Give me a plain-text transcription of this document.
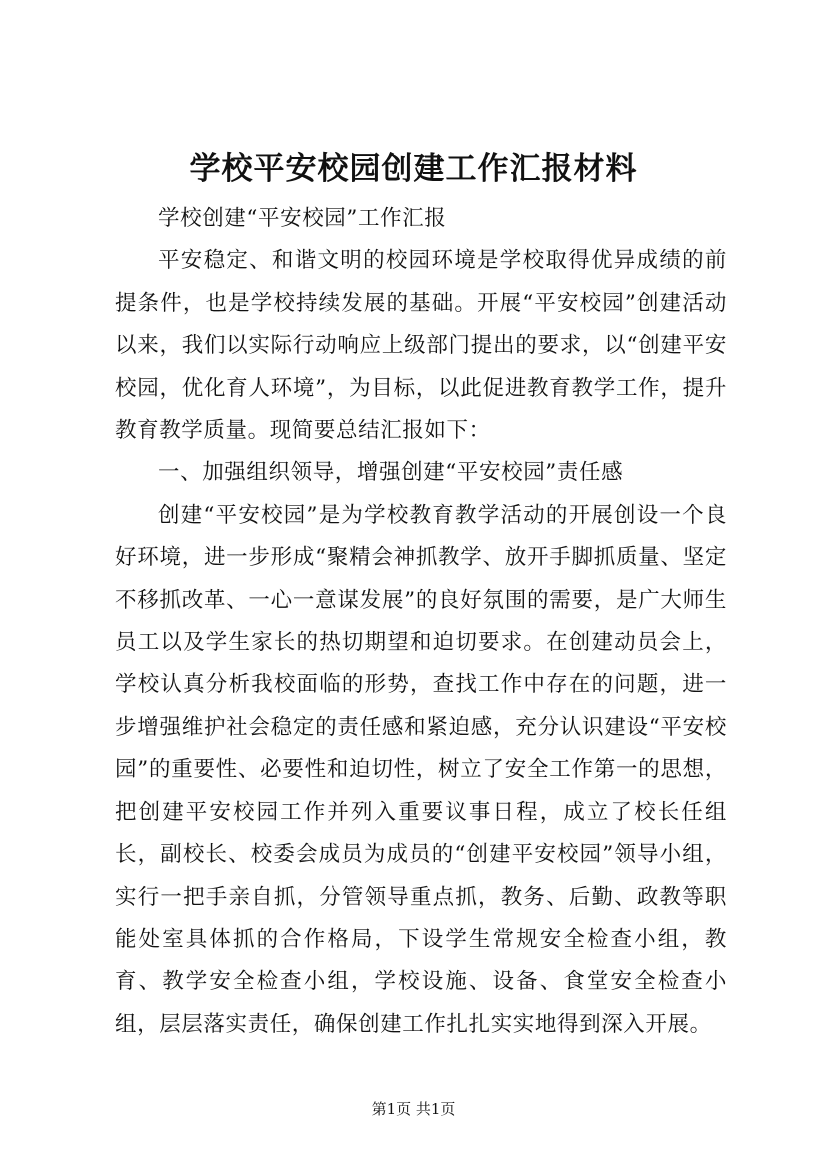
学校平安校园创建工作汇报材料

学校创建“平安校园”工作汇报

平安稳定、和谐文明的校园环境是学校取得优异成绩的前提条件，也是学校持续发展的基础。开展“平安校园”创建活动以来，我们以实际行动响应上级部门提出的要求，以“创建平安校园，优化育人环境”，为目标，以此促进教育教学工作，提升教育教学质量。现简要总结汇报如下：

一、加强组织领导，增强创建“平安校园”责任感

创建“平安校园”是为学校教育教学活动的开展创设一个良好环境，进一步形成“聚精会神抓教学、放开手脚抓质量、坚定不移抓改革、一心一意谋发展”的良好氛围的需要，是广大师生员工以及学生家长的热切期望和迫切要求。在创建动员会上，学校认真分析我校面临的形势，查找工作中存在的问题，进一步增强维护社会稳定的责任感和紧迫感，充分认识建设“平安校园”的重要性、必要性和迫切性，树立了安全工作第一的思想，把创建平安校园工作并列入重要议事日程，成立了校长任组长，副校长、校委会成员为成员的“创建平安校园”领导小组，实行一把手亲自抓，分管领导重点抓，教务、后勤、政教等职能处室具体抓的合作格局，下设学生常规安全检查小组，教育、教学安全检查小组，学校设施、设备、食堂安全检查小组，层层落实责任，确保创建工作扎扎实实地得到深入开展。

第1页 共1页
